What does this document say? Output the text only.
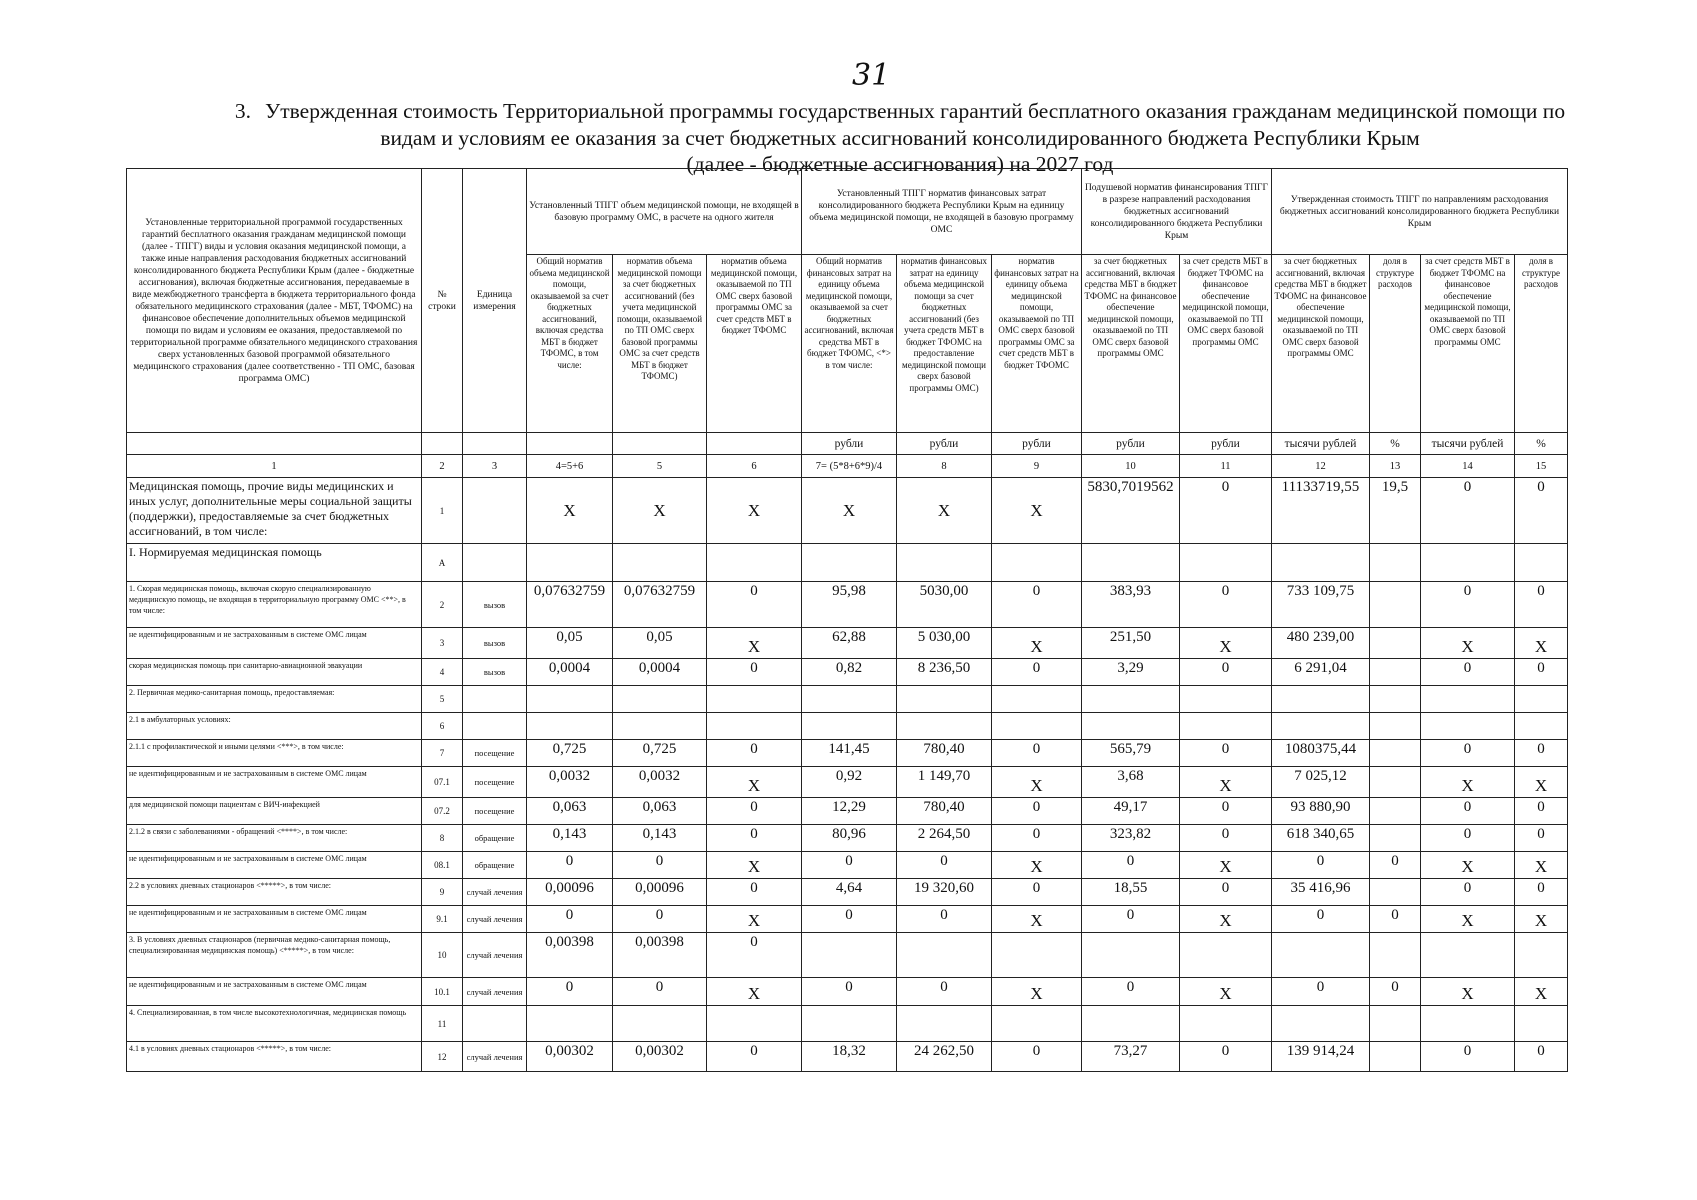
31
3. Утвержденная стоимость Территориальной программы государственных гарантий бесплатного оказания гражданам медицинской помощи по
видам и условиям ее оказания за счет бюджетных ассигнований консолидированного бюджета Республики Крым
(далее - бюджетные ассигнования) на 2027 год
Установленные территориальной программой государственных гарантий бесплатного оказания гражданам медицинской помощи (далее - ТПГГ) виды и условия оказания медицинской помощи, а также иные направления расходования бюджетных ассигнований консолидированного бюджета Республики Крым (далее - бюджетные ассигнования), включая бюджетные ассигнования, передаваемые в виде межбюджетного трансферта в бюджета территориального фонда обязательного медицинского страхования (далее - МБТ, ТФОМС) на финансовое обеспечение дополнительных объемов медицинской помощи по видам и условиям ее оказания, предоставляемой по территориальной программе обязательного медицинского страхования сверх установленных базовой программой обязательного медицинского страхования (далее соответственно - ТП ОМС, базовая программа ОМС)	№ строки	Единица измерения	Установленный ТПГГ объем медицинской помощи, не входящей в базовую программу ОМС, в расчете на одного жителя			Установленный ТПГГ норматив финансовых затрат консолидированного бюджета Республики Крым на единицу объема медицинской помощи, не входящей в базовую программу ОМС			Подушевой норматив финансирования ТПГГ в разрезе направлений расходования бюджетных ассигнований консолидированного бюджета Республики Крым		Утвержденная стоимость ТПГГ по направлениям расходования бюджетных ассигнований консолидированного бюджета Республики Крым			
			Общий норматив объема медицинской помощи, оказываемой за счет бюджетных ассигнований, включая средства МБТ в бюджет ТФОМС, в том числе:	норматив объема медицинской помощи за счет бюджетных ассигнований (без учета медицинской помощи, оказываемой по ТП ОМС сверх базовой программы ОМС за счет средств МБТ в бюджет ТФОМС)	норматив объема медицинской помощи, оказываемой по ТП ОМС сверх базовой программы ОМС за счет средств МБТ в бюджет ТФОМС	Общий норматив финансовых затрат на единицу объема медицинской помощи, оказываемой за счет бюджетных ассигнований, включая средства МБТ в бюджет ТФОМС, <*> в том числе:	норматив финансовых затрат на единицу объема медицинской помощи за счет бюджетных ассигнований (без учета средств МБТ в бюджет ТФОМС на предоставление медицинской помощи сверх базовой программы ОМС)	норматив финансовых затрат на единицу объема медицинской помощи, оказываемой по ТП ОМС сверх базовой программы ОМС за счет средств МБТ в бюджет ТФОМС	за счет бюджетных ассигнований, включая средства МБТ в бюджет ТФОМС на финансовое обеспечение медицинской помощи, оказываемой по ТП ОМС сверх базовой программы ОМС	за счет средств МБТ в бюджет ТФОМС на финансовое обеспечение медицинской помощи, оказываемой по ТП ОМС сверх базовой программы ОМС	за счет бюджетных ассигнований, включая средства МБТ в бюджет ТФОМС на финансовое обеспечение медицинской помощи, оказываемой по ТП ОМС сверх базовой программы ОМС	доля в структуре расходов	за счет средств МБТ в бюджет ТФОМС на финансовое обеспечение медицинской помощи, оказываемой по ТП ОМС сверх базовой программы ОМС	доля в структуре расходов
						рубли	рубли	рубли	рубли	рубли	тысячи рублей	%	тысячи рублей	%
1	2	3	4=5+6	5	6	7= (5*8+6*9)/4	8	9	10	11	12	13	14	15
Медицинская помощь, прочие виды медицинских и иных услуг, дополнительные меры социальной защиты (поддержки), предоставляемые за счет бюджетных ассигнований, в том числе:	1		X	X	X	X	X	X	5830,7019562	0	11133719,55	19,5	0	0
I. Нормируемая медицинская помощь	А													
1. Скорая медицинская помощь, включая скорую специализированную медицинскую помощь, не входящая в территориальную программу ОМС <**>, в том числе:	2	вызов	0,07632759	0,07632759	0	95,98	5030,00	0	383,93	0	733 109,75		0	0
не идентифицированным и не застрахованным в системе ОМС лицам	3	вызов	0,05	0,05	X	62,88	5 030,00	X	251,50	X	480 239,00		X	X
скорая медицинская помощь при санитарно-авиационной эвакуации	4	вызов	0,0004	0,0004	0	0,82	8 236,50	0	3,29	0	6 291,04		0	0
2. Первичная медико-санитарная помощь, предоставляемая:	5													
2.1 в амбулаторных условиях:	6													
2.1.1 с профилактической и иными целями <***>, в том числе:	7	посещение	0,725	0,725	0	141,45	780,40	0	565,79	0	1080375,44		0	0
не идентифицированным и не застрахованным в системе ОМС лицам	07.1	посещение	0,0032	0,0032	X	0,92	1 149,70	X	3,68	X	7 025,12		X	X
для медицинской помощи пациентам с ВИЧ-инфекцией	07.2	посещение	0,063	0,063	0	12,29	780,40	0	49,17	0	93 880,90		0	0
2.1.2 в связи с заболеваниями - обращений <****>, в том числе:	8	обращение	0,143	0,143	0	80,96	2 264,50	0	323,82	0	618 340,65		0	0
не идентифицированным и не застрахованным в системе ОМС лицам	08.1	обращение	0	0	X	0	0	X	0	X	0	0	X	X
2.2 в условиях дневных стационаров <*****>, в том числе:	9	случай лечения	0,00096	0,00096	0	4,64	19 320,60	0	18,55	0	35 416,96		0	0
не идентифицированным и не застрахованным в системе ОМС лицам	9.1	случай лечения	0	0	X	0	0	X	0	X	0	0	X	X
3. В условиях дневных стационаров (первичная медико-санитарная помощь, специализированная медицинская помощь) <*****>, в том числе:	10	случай лечения	0,00398	0,00398	0									
не идентифицированным и не застрахованным в системе ОМС лицам	10.1	случай лечения	0	0	X	0	0	X	0	X	0	0	X	X
4. Специализированная, в том числе высокотехнологичная, медицинская помощь	11													
4.1 в условиях дневных стационаров <*****>, в том числе:	12	случай лечения	0,00302	0,00302	0	18,32	24 262,50	0	73,27	0	139 914,24		0	0
